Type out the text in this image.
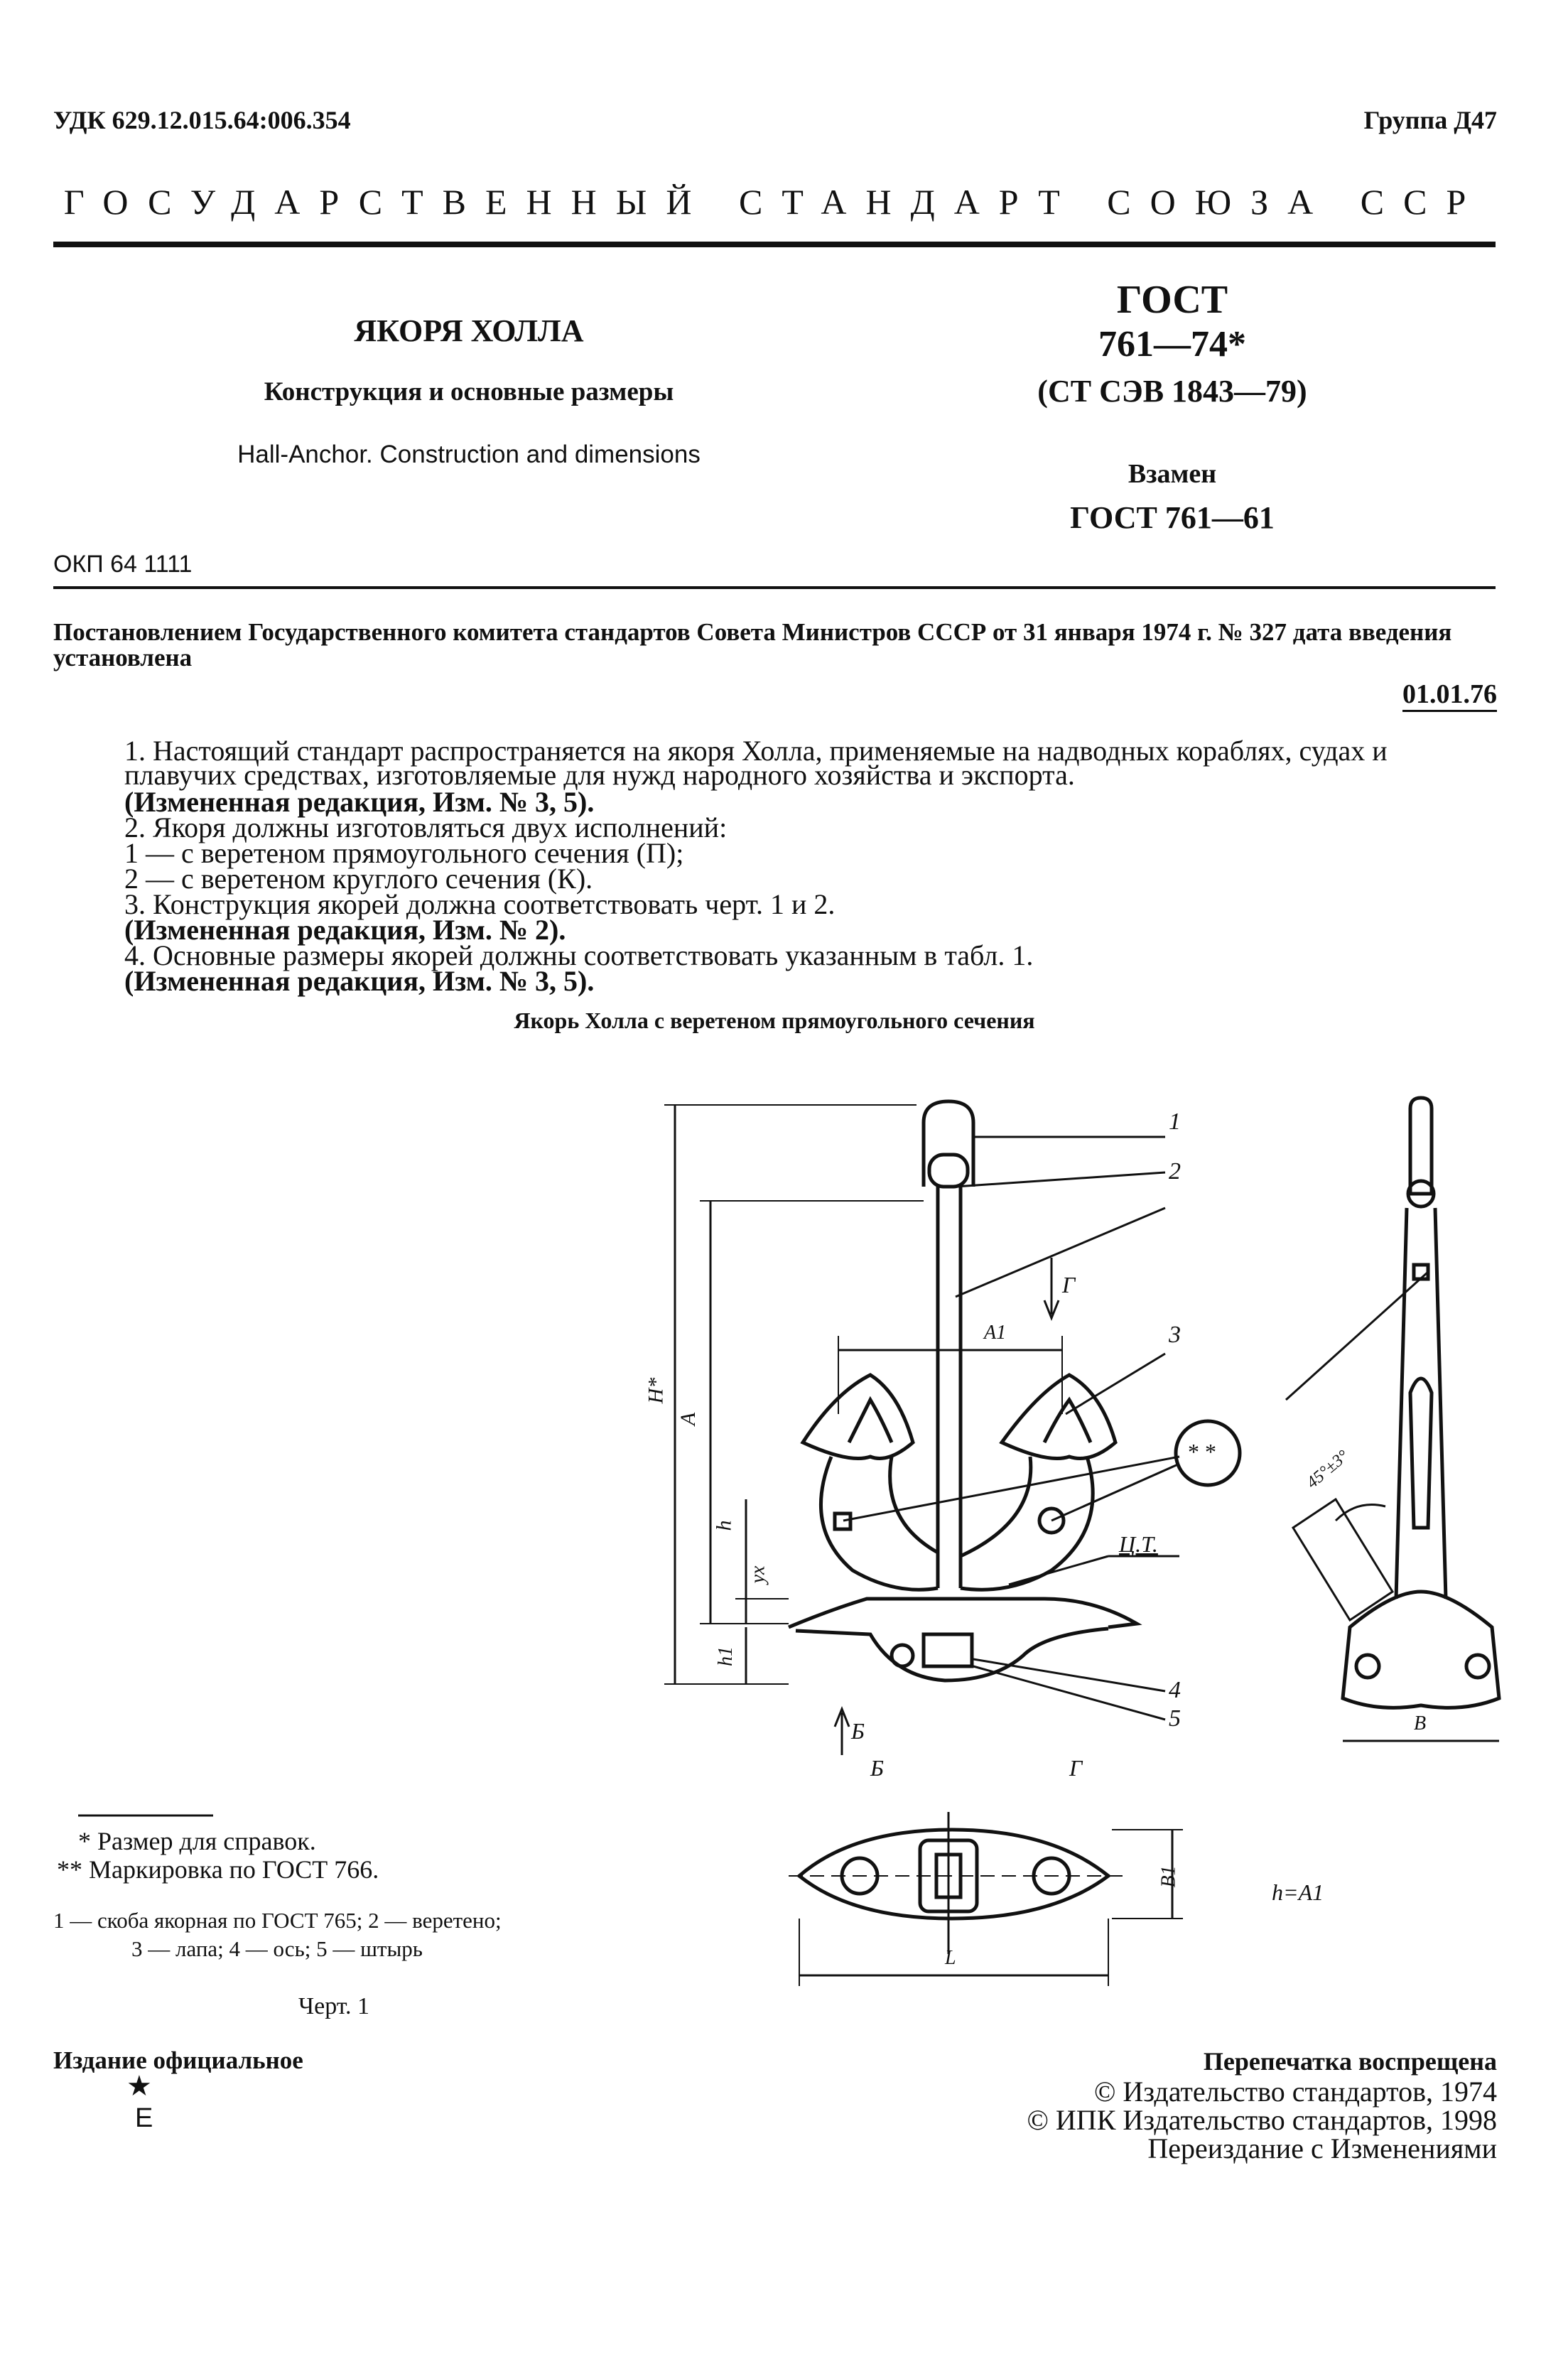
УДК 629.12.015.64:006.354	Группа Д47
ГОСУДАРСТВЕННЫЙ СТАНДАРТ СОЮЗА ССР
ЯКОРЯ ХОЛЛА
Конструкция и основные размеры
Hall-Anchor. Construction and dimensions
ГОСТ
761—74*
(СТ СЭВ 1843—79)
Взамен
ГОСТ 761—61
ОКП 64 1111
Постановлением Государственного комитета стандартов Совета Министров СССР от 31 января 1974 г. № 327 дата введения установлена
01.01.76
1. Настоящий стандарт распространяется на якоря Холла, применяемые на надводных кораблях, судах и плавучих средствах, изготовляемые для нужд народного хозяйства и экспорта.
(Измененная редакция, Изм. № 3, 5).
2. Якоря должны изготовляться двух исполнений:
1 — с веретеном прямоугольного сечения (П);
2 — с веретеном круглого сечения (К).
3. Конструкция якорей должна соответствовать черт. 1 и 2.
(Измененная редакция, Изм. № 2).
4. Основные размеры якорей должны соответствовать указанным в табл. 1.
(Измененная редакция, Изм. № 3, 5).
Якорь Холла с веретеном прямоугольного сечения
1
2
3
4
5
H*
A
h
yx
h1
A1
B
B1
L
Г
Б
Б	Г
Ц.Т.
* *	45°±3°
h=A1
* Размер для справок.
** Маркировка по ГОСТ 766.
1 — скоба якорная по ГОСТ 765; 2 — веретено;
3 — лапа; 4 — ось; 5 — штырь
Черт. 1
Издание официальное
★
E
Перепечатка воспрещена
© Издательство стандартов, 1974
© ИПК Издательство стандартов, 1998
Переиздание с Изменениями
